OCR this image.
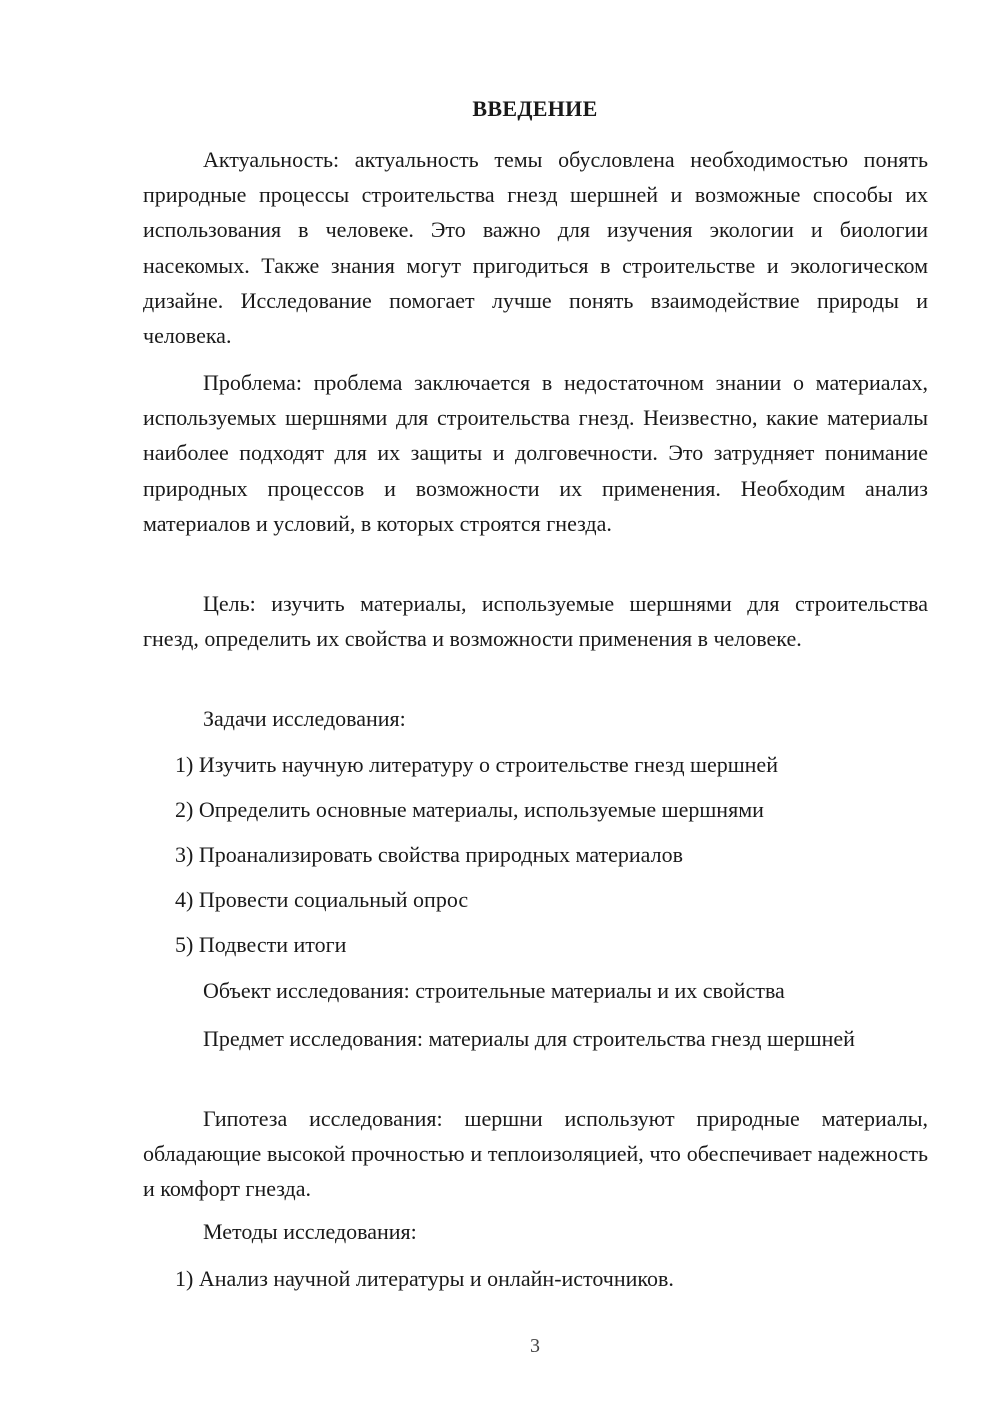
ВВЕДЕНИЕ

Актуальность: актуальность темы обусловлена необходимостью понять природные процессы строительства гнезд шершней и возможные способы их использования в человеке. Это важно для изучения экологии и биологии насекомых. Также знания могут пригодиться в строительстве и экологическом дизайне. Исследование помогает лучше понять взаимодействие природы и человека.

Проблема: проблема заключается в недостаточном знании о материалах, используемых шершнями для строительства гнезд. Неизвестно, какие материалы наиболее подходят для их защиты и долговечности. Это затрудняет понимание природных процессов и возможности их применения. Необходим анализ материалов и условий, в которых строятся гнезда.

Цель: изучить материалы, используемые шершнями для строительства гнезд, определить их свойства и возможности применения в человеке.

Задачи исследования:

1) Изучить научную литературу о строительстве гнезд шершней

2) Определить основные материалы, используемые шершнями

3) Проанализировать свойства природных материалов

4) Провести социальный опрос

5) Подвести итоги

Объект исследования: строительные материалы и их свойства

Предмет исследования: материалы для строительства гнезд шершней

Гипотеза исследования: шершни используют природные материалы, обладающие высокой прочностью и теплоизоляцией, что обеспечивает надежность и комфорт гнезда.

Методы исследования:

1) Анализ научной литературы и онлайн-источников.

3
